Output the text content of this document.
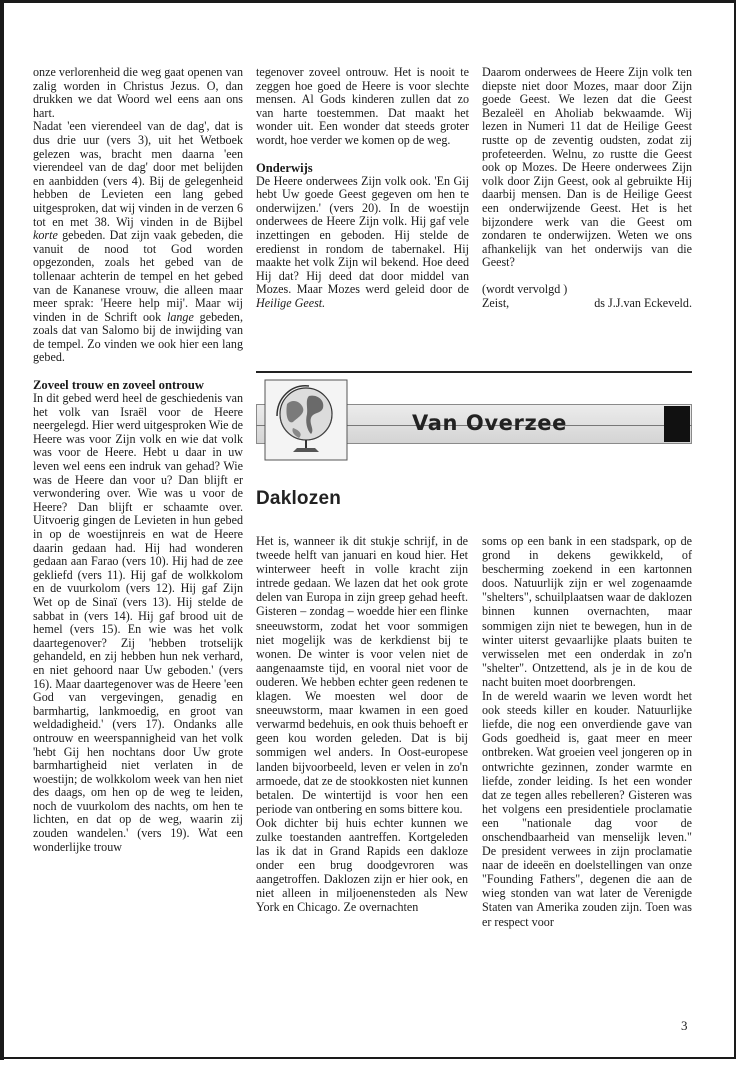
onze verlorenheid die weg gaat openen van zalig worden in Christus Jezus. O, dan drukken we dat Woord wel eens aan ons hart.

Nadat 'een vierendeel van de dag', dat is dus drie uur (vers 3), uit het Wetboek gelezen was, bracht men daarna 'een vierendeel van de dag' door met belijden en aanbidden (vers 4). Bij de gelegenheid hebben de Levieten een lang gebed uitgesproken, dat wij vinden in de verzen 6 tot en met 38. Wij vinden in de Bijbel korte gebeden. Dat zijn vaak gebeden, die vanuit de nood tot God worden opgezonden, zoals het gebed van de tollenaar achterin de tempel en het gebed van de Kananese vrouw, die alleen maar meer sprak: 'Heere help mij'. Maar wij vinden in de Schrift ook lange gebeden, zoals dat van Salomo bij de inwijding van de tempel. Zo vinden we ook hier een lang gebed.

Zoveel trouw en zoveel ontrouw

In dit gebed werd heel de geschiedenis van het volk van Israël voor de Heere neergelegd. Hier werd uitgesproken Wie de Heere was voor Zijn volk en wie dat volk was voor de Heere. Hebt u daar in uw leven wel eens een indruk van gehad? Wie was de Heere dan voor u? Dan blijft er verwondering over. Wie was u voor de Heere? Dan blijft er schaamte over. Uitvoerig gingen de Levieten in hun gebed in op de woestijnreis en wat de Heere daarin gedaan had. Hij had wonderen gedaan aan Farao (vers 10). Hij had de zee gekliefd (vers 11). Hij gaf de wolkkolom en de vuurkolom (vers 12). Hij gaf Zijn Wet op de Sinaï (vers 13). Hij stelde de sabbat in (vers 14). Hij gaf brood uit de hemel (vers 15). En wie was het volk daartegenover? Zij 'hebben trotselijk gehandeld, en zij hebben hun nek verhard, en niet gehoord naar Uw geboden.' (vers 16). Maar daartegenover was de Heere 'een God van vergevingen, genadig en barmhartig, lankmoedig, en groot van weldadigheid.' (vers 17). Ondanks alle ontrouw en weerspannigheid van het volk 'hebt Gij hen nochtans door Uw grote barmhartigheid niet verlaten in de woestijn; de wolkkolom week van hen niet des daags, om hen op de weg te leiden, noch de vuurkolom des nachts, om hen te lichten, en dat op de weg, waarin zij zouden wandelen.' (vers 19). Wat een wonderlijke trouw

tegenover zoveel ontrouw. Het is nooit te zeggen hoe goed de Heere is voor slechte mensen. Al Gods kinderen zullen dat zo van harte toestemmen. Dat maakt het wonder uit. Een wonder dat steeds groter wordt, hoe verder we komen op de weg.

Onderwijs

De Heere onderwees Zijn volk ook. 'En Gij hebt Uw goede Geest gegeven om hen te onderwijzen.' (vers 20). In de woestijn onderwees de Heere Zijn volk. Hij gaf vele inzettingen en geboden. Hij stelde de eredienst in rondom de tabernakel. Hij maakte het volk Zijn wil bekend. Hoe deed Hij dat? Hij deed dat door middel van Mozes. Maar Mozes werd geleid door de Heilige Geest.

Daarom onderwees de Heere Zijn volk ten diepste niet door Mozes, maar door Zijn goede Geest. We lezen dat die Geest Bezaleël en Aholiab bekwaamde. Wij lezen in Numeri 11 dat de Heilige Geest rustte op de zeventig oudsten, zodat zij profeteerden. Welnu, zo rustte die Geest ook op Mozes. De Heere onderwees Zijn volk door Zijn Geest, ook al gebruikte Hij daarbij mensen. Dan is de Heilige Geest een onderwijzende Geest. Het is het bijzondere werk van die Geest om zondaren te onderwijzen. Weten we ons afhankelijk van het onderwijs van die Geest?

(wordt vervolgd )

Zeist,	ds J.J.van Eckeveld.
Van Overzee
Daklozen

Het is, wanneer ik dit stukje schrijf, in de tweede helft van januari en koud hier. Het winterweer heeft in volle kracht zijn intrede gedaan. We lazen dat het ook grote delen van Europa in zijn greep gehad heeft. Gisteren – zondag – woedde hier een flinke sneeuwstorm, zodat het voor sommigen niet mogelijk was de kerkdienst bij te wonen. De winter is voor velen niet de aangenaamste tijd, en vooral niet voor de ouderen. We hebben echter geen redenen te klagen. We moesten wel door de sneeuwstorm, maar kwamen in een goed verwarmd bedehuis, en ook thuis behoeft er geen kou worden geleden. Dat is bij sommigen wel anders. In Oost-europese landen bijvoorbeeld, leven er velen in zo'n armoede, dat ze de stookkosten niet kunnen betalen. De wintertijd is voor hen een periode van ontbering en soms bittere kou.

Ook dichter bij huis echter kunnen we zulke toestanden aantreffen. Kortgeleden las ik dat in Grand Rapids een dakloze onder een brug doodgevroren was aangetroffen. Daklozen zijn er hier ook, en niet alleen in miljoenensteden als New York en Chicago. Ze overnachten

soms op een bank in een stadspark, op de grond in dekens gewikkeld, of bescherming zoekend in een kartonnen doos. Natuurlijk zijn er wel zogenaamde "shelters", schuilplaatsen waar de daklozen binnen kunnen overnachten, maar sommigen zijn niet te bewegen, hun in de winter uiterst gevaarlijke plaats buiten te verwisselen met een onderdak in zo'n "shelter". Ontzettend, als je in de kou de nacht buiten moet doorbrengen.

In de wereld waarin we leven wordt het ook steeds killer en kouder. Natuurlijke liefde, die nog een onverdiende gave van Gods goedheid is, gaat meer en meer ontbreken. Wat groeien veel jongeren op in ontwrichte gezinnen, zonder warmte en liefde, zonder leiding. Is het een wonder dat ze tegen alles rebelleren? Gisteren was het volgens een presidentiele proclamatie een "nationale dag voor de onschendbaarheid van menselijk leven." De president verwees in zijn proclamatie naar de ideeën en doelstellingen van onze "Founding Fathers", degenen die aan de wieg stonden van wat later de Verenigde Staten van Amerika zouden zijn. Toen was er respect voor

3
